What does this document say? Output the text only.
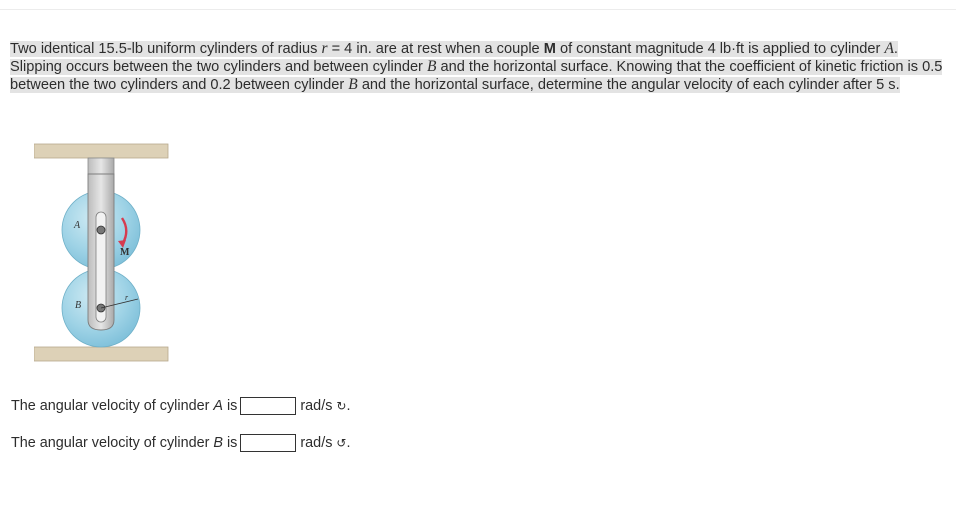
Two identical 15.5-lb uniform cylinders of radius r = 4 in. are at rest when a couple M of constant magnitude 4 lb·ft is applied to cylinder A. Slipping occurs between the two cylinders and between cylinder B and the horizontal surface. Knowing that the coefficient of kinetic friction is 0.5 between the two cylinders and 0.2 between cylinder B and the horizontal surface, determine the angular velocity of each cylinder after 5 s.

A
B
M
r
The angular velocity of cylinder A is	rad/s ↻ .
The angular velocity of cylinder B is	rad/s ↺ .
